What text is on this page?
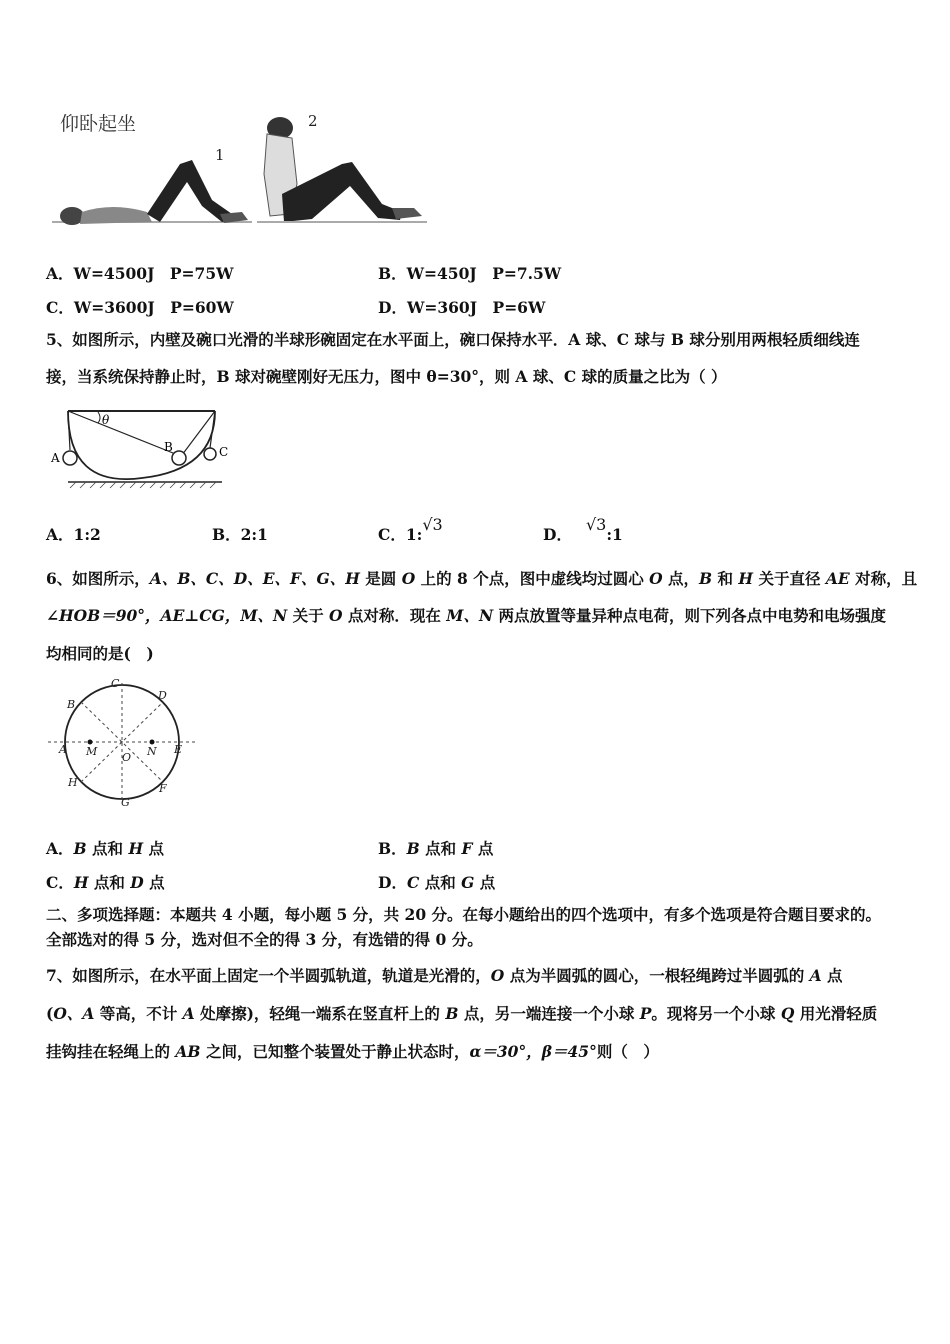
仰卧起坐
1
2
A．W=4500J　P=75W	B．W=450J　P=7.5W
C．W=3600J　P=60W	D．W=360J　P=6W
5、如图所示，内壁及碗口光滑的半球形碗固定在水平面上，碗口保持水平．A 球、C 球与 B 球分别用两根轻质细线连
接，当系统保持静止时，B 球对碗壁刚好无压力，图中 θ=30°，则 A 球、C 球的质量之比为（ ）
θ
A
B	C
A．1:2	B．2:1	C．1:√3
D．√3:1
6、如图所示，A、B、C、D、E、F、G、H 是圆 O 上的 8 个点，图中虚线均过圆心 O 点，B 和 H 关于直径 AE 对称，且
∠HOB＝90°，AE⊥CG，M、N 关于 O 点对称．现在 M、N 两点放置等量异种点电荷，则下列各点中电势和电场强度
均相同的是(　)
C
D
B
A	E
H	F
G
M	N
O
A．B 点和 H 点	B．B 点和 F 点
C．H 点和 D 点	D．C 点和 G 点
二、多项选择题：本题共 4 小题，每小题 5 分，共 20 分。在每小题给出的四个选项中，有多个选项是符合题目要求的。
全部选对的得 5 分，选对但不全的得 3 分，有选错的得 0 分。
7、如图所示，在水平面上固定一个半圆弧轨道，轨道是光滑的，O 点为半圆弧的圆心，一根轻绳跨过半圆弧的 A 点
(O、A 等高，不计 A 处摩擦)，轻绳一端系在竖直杆上的 B 点，另一端连接一个小球 P。现将另一个小球 Q 用光滑轻质
挂钩挂在轻绳上的 AB 之间，已知整个装置处于静止状态时，α＝30°，β＝45°则（　）
